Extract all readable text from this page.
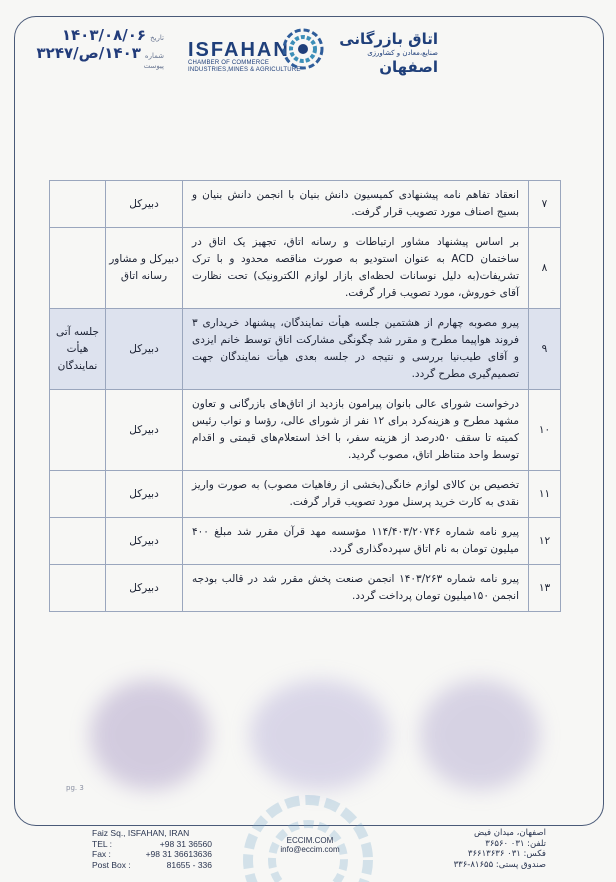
تاریخ
۱۴۰۳/۰۸/۰۶
شماره
۱۴۰۳/ص/۳۲۴۷
پیوست
ISFAHAN
CHAMBER OF COMMERCE
INDUSTRIES,MINES & AGRICULTURE
اتاق بازرگانی
صنایع،معادن و کشاورزی
اصفهان
۷	انعقاد تفاهم نامه پیشنهادی کمیسیون دانش بنیان با انجمن دانش بنیان و بسیج اصناف مورد تصویب قرار گرفت.	دبیرکل	
۸	بر اساس پیشنهاد مشاور ارتباطات و رسانه اتاق، تجهیز یک اتاق در ساختمان ACD به عنوان استودیو به صورت مناقصه محدود و با ترک تشریفات(به دلیل نوسانات لحظه‌ای بازار لوازم الکترونیک) تحت نظارت آقای خوروش، مورد تصویب قرار گرفت.	دبیرکل و مشاور رسانه اتاق	
۹	پیرو مصوبه چهارم از هشتمین جلسه هیأت نمایندگان، پیشنهاد خریداری ۳ فروند هواپیما مطرح و مقرر شد چگونگی مشارکت اتاق توسط خانم ایزدی و آقای طیب‌نیا بررسی و نتیجه در جلسه بعدی هیأت نمایندگان جهت تصمیم‌گیری مطرح گردد.	دبیرکل	جلسه آتی هیأت نمایندگان
۱۰	درخواست شورای عالی بانوان پیرامون بازدید از اتاق‌های بازرگانی و تعاون مشهد مطرح و هزینه‌کرد برای ۱۲ نفر از شورای عالی، رؤسا و نواب رئیس کمیته تا سقف ۵۰درصد از هزینه سفر، با اخذ استعلام‌های قیمتی و اقدام توسط واحد متناظر اتاق، مصوب گردید.	دبیرکل	
۱۱	تخصیص بن کالای لوازم خانگی(بخشی از رفاهیات مصوب) به صورت واریز نقدی به کارت خرید پرسنل مورد تصویب قرار گرفت.	دبیرکل	
۱۲	پیرو نامه شماره ۱۱۴/۴۰۳/۲۰۷۴۶ مؤسسه مهد قرآن مقرر شد مبلغ ۴۰۰ میلیون تومان به نام اتاق سپرده‌گذاری گردد.	دبیرکل	
۱۳	پیرو نامه شماره ۱۴۰۳/۲۶۳ انجمن صنعت پخش مقرر شد در قالب بودجه انجمن ۱۵۰میلیون تومان پرداخت گردد.	دبیرکل	
pg. 3
Faiz Sq., ISFAHAN, IRAN
TEL :	+98 31 36560
Fax :	+98 31 36613636
Post Box :	81655 - 336
ECCIM.COM
info@eccim.com
اصفهان، میدان فیض
تلفن: ۰۳۱ ۳۶۵۶۰
فکس: ۰۳۱ ۳۶۶۱۳۶۳۶
صندوق پستی: ۸۱۶۵۵-۳۳۶
